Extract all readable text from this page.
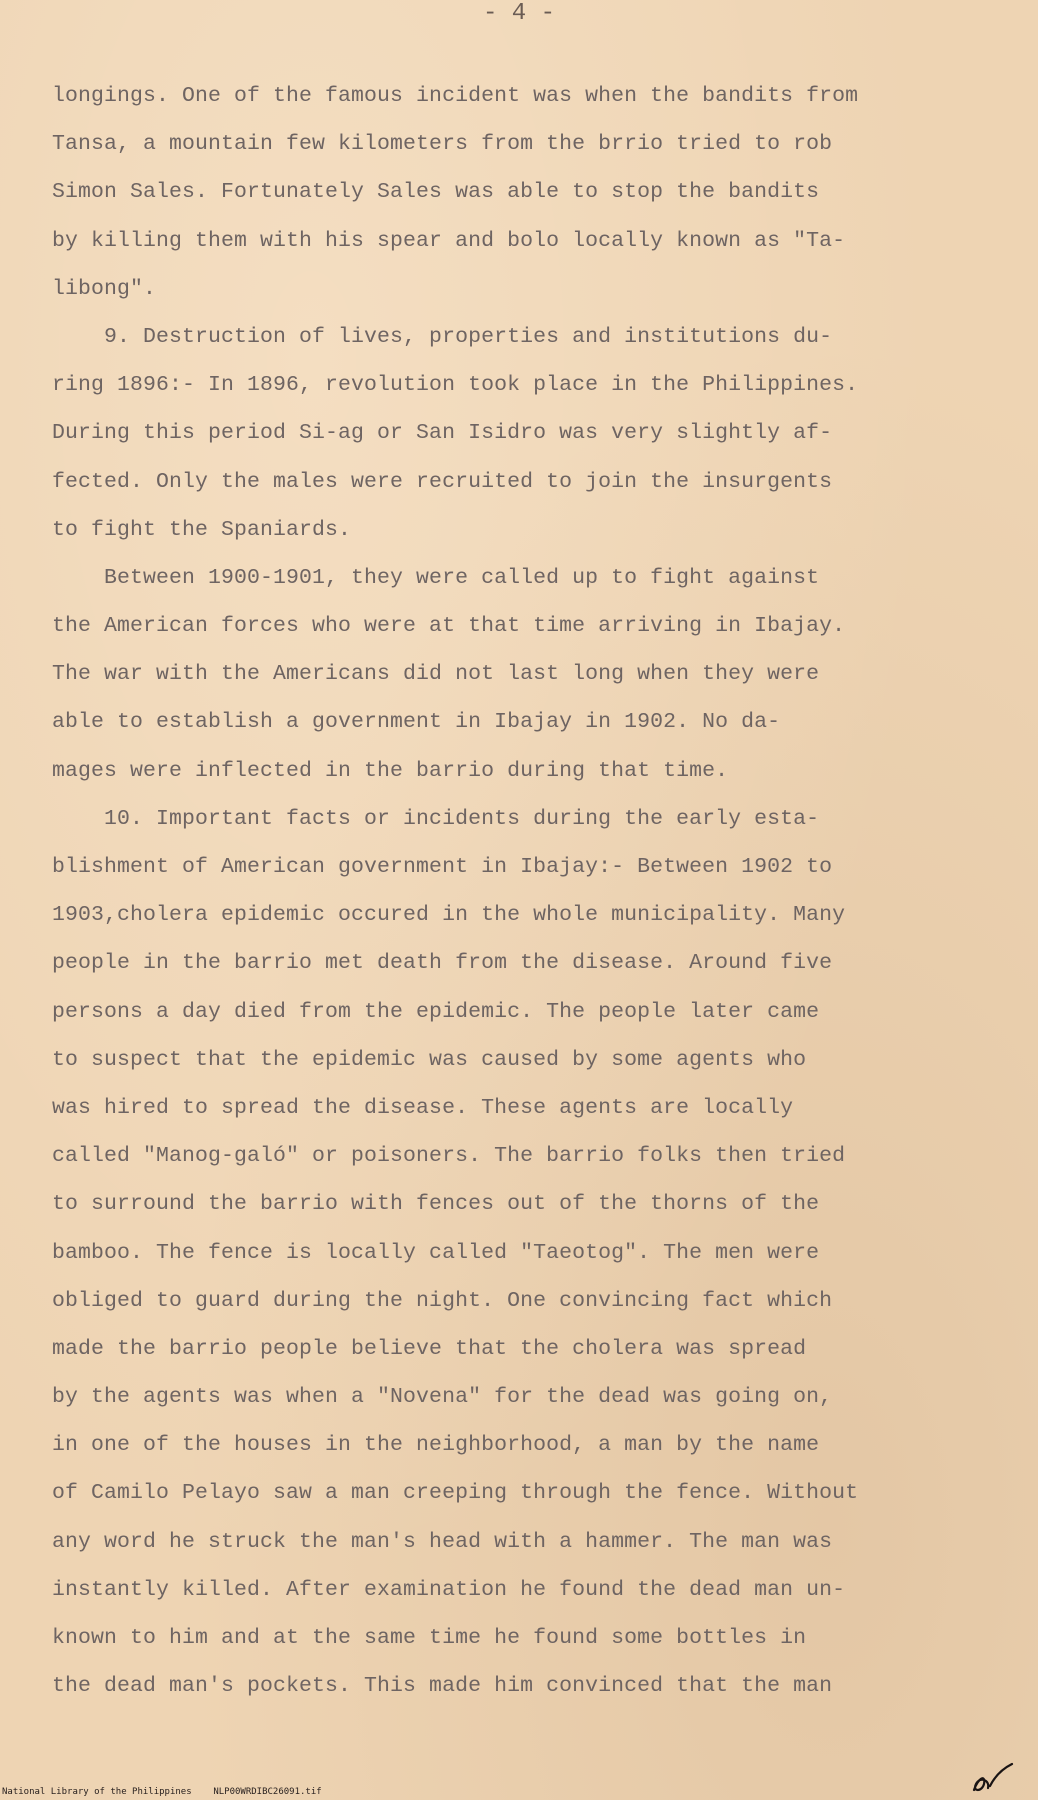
- 4 -
longings. One of the famous incident was when the bandits from
Tansa, a mountain few kilometers from the brrio tried to rob
Simon Sales. Fortunately Sales was able to stop the bandits
by killing them with his spear and bolo locally known as "Ta-
libong".
9. Destruction of lives, properties and institutions du-
ring 1896:- In 1896, revolution took place in the Philippines.
During this period Si-ag or San Isidro was very slightly af-
fected. Only the males were recruited to join the insurgents
to fight the Spaniards.
Between 1900-1901, they were called up to fight against
the American forces who were at that time arriving in Ibajay.
The war with the Americans did not last long when they were
able to establish a government in Ibajay in 1902. No da-
mages were inflected in the barrio during that time.
10. Important facts or incidents during the early esta-
blishment of American government in Ibajay:- Between 1902 to
1903,cholera epidemic occured in the whole municipality. Many
people in the barrio met death from the disease. Around five
persons a day died from the epidemic. The people later came
to suspect that the epidemic was caused by some agents who
was hired to spread the disease. These agents are locally
called "Manog-galó" or poisoners. The barrio folks then tried
to surround the barrio with fences out of the thorns of the
bamboo. The fence is locally called "Taeotog". The men were
obliged to guard during the night. One convincing fact which
made the barrio people believe that the cholera was spread
by the agents was when a "Novena" for the dead was going on,
in one of the houses in the neighborhood, a man by the name
of Camilo Pelayo saw a man creeping through the fence. Without
any word he struck the man's head with a hammer. The man was
instantly killed. After examination he found the dead man un-
known to him and at the same time he found some bottles in
the dead man's pockets. This made him convinced that the man
National Library of the Philippines    NLP00WRDIBC26091.tif
